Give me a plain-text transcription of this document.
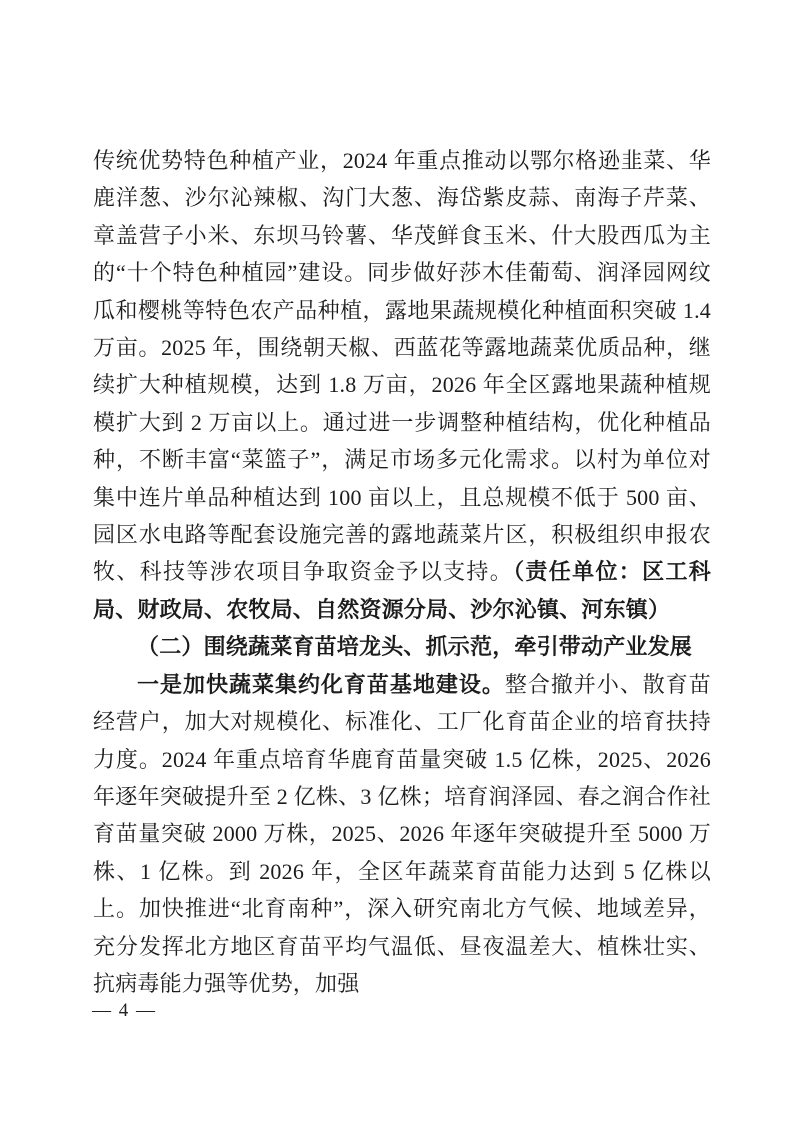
传统优势特色种植产业，2024 年重点推动以鄂尔格逊韭菜、华鹿洋葱、沙尔沁辣椒、沟门大葱、海岱紫皮蒜、南海子芹菜、章盖营子小米、东坝马铃薯、华茂鲜食玉米、什大股西瓜为主的“十个特色种植园”建设。同步做好莎木佳葡萄、润泽园网纹瓜和樱桃等特色农产品种植，露地果蔬规模化种植面积突破 1.4 万亩。2025 年，围绕朝天椒、西蓝花等露地蔬菜优质品种，继续扩大种植规模，达到 1.8 万亩，2026 年全区露地果蔬种植规模扩大到 2 万亩以上。通过进一步调整种植结构，优化种植品种，不断丰富“菜篮子”，满足市场多元化需求。以村为单位对集中连片单品种植达到 100 亩以上，且总规模不低于 500 亩、园区水电路等配套设施完善的露地蔬菜片区，积极组织申报农牧、科技等涉农项目争取资金予以支持。（责任单位：区工科局、财政局、农牧局、自然资源分局、沙尔沁镇、河东镇）

（二）围绕蔬菜育苗培龙头、抓示范，牵引带动产业发展

一是加快蔬菜集约化育苗基地建设。整合撤并小、散育苗经营户，加大对规模化、标准化、工厂化育苗企业的培育扶持力度。2024 年重点培育华鹿育苗量突破 1.5 亿株，2025、2026 年逐年突破提升至 2 亿株、3 亿株；培育润泽园、春之润合作社育苗量突破 2000 万株，2025、2026 年逐年突破提升至 5000 万株、1 亿株。到 2026 年，全区年蔬菜育苗能力达到 5 亿株以上。加快推进“北育南种”，深入研究南北方气候、地域差异，充分发挥北方地区育苗平均气温低、昼夜温差大、植株壮实、抗病毒能力强等优势，加强

— 4 —
